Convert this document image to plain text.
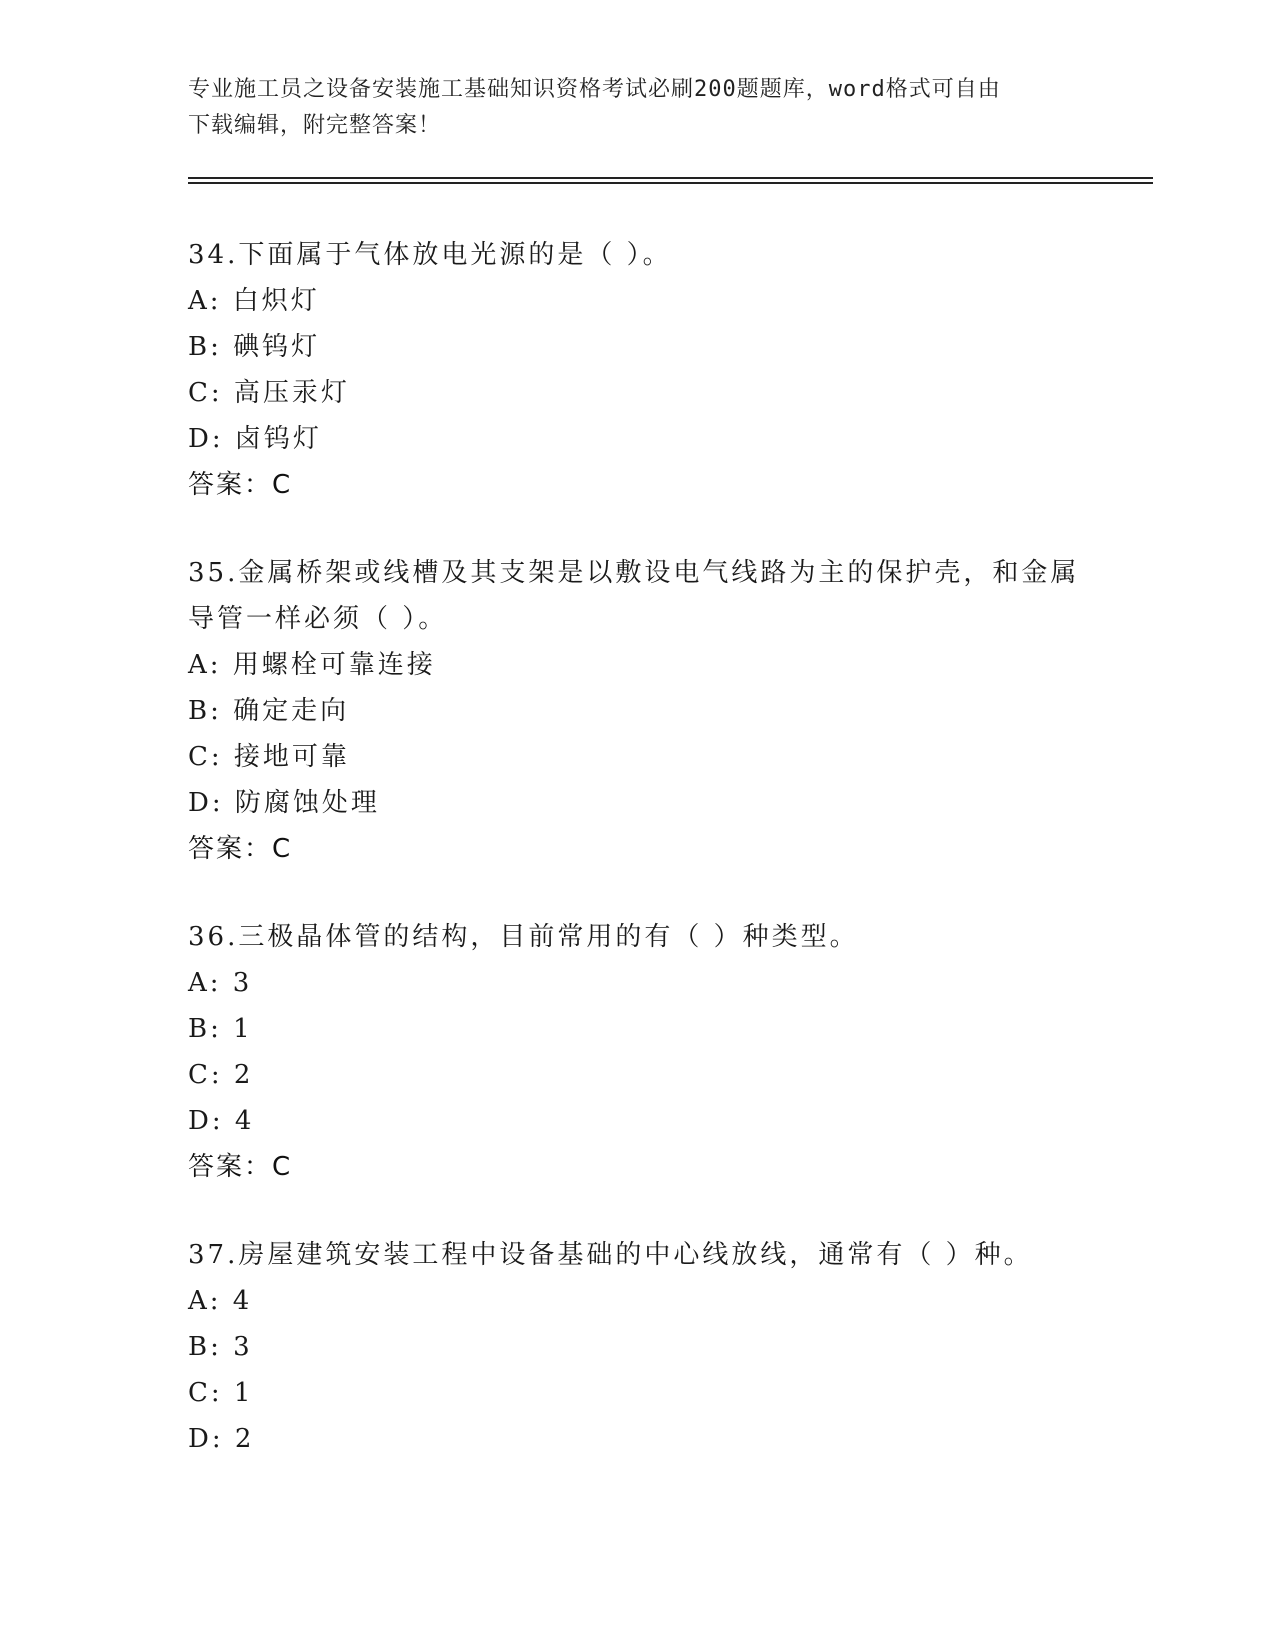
专业施工员之设备安装施工基础知识资格考试必刷200题题库，word格式可自由
下载编辑，附完整答案！

34.下面属于气体放电光源的是（ ）。

A: 白炽灯

B: 碘钨灯

C: 高压汞灯

D: 卤钨灯

答案：C

35.金属桥架或线槽及其支架是以敷设电气线路为主的保护壳，和金属

导管一样必须（ ）。

A: 用螺栓可靠连接

B: 确定走向

C: 接地可靠

D: 防腐蚀处理

答案：C

36.三极晶体管的结构，目前常用的有（ ）种类型。

A: 3

B: 1

C: 2

D: 4

答案：C

37.房屋建筑安装工程中设备基础的中心线放线，通常有（ ）种。

A: 4

B: 3

C: 1

D: 2
